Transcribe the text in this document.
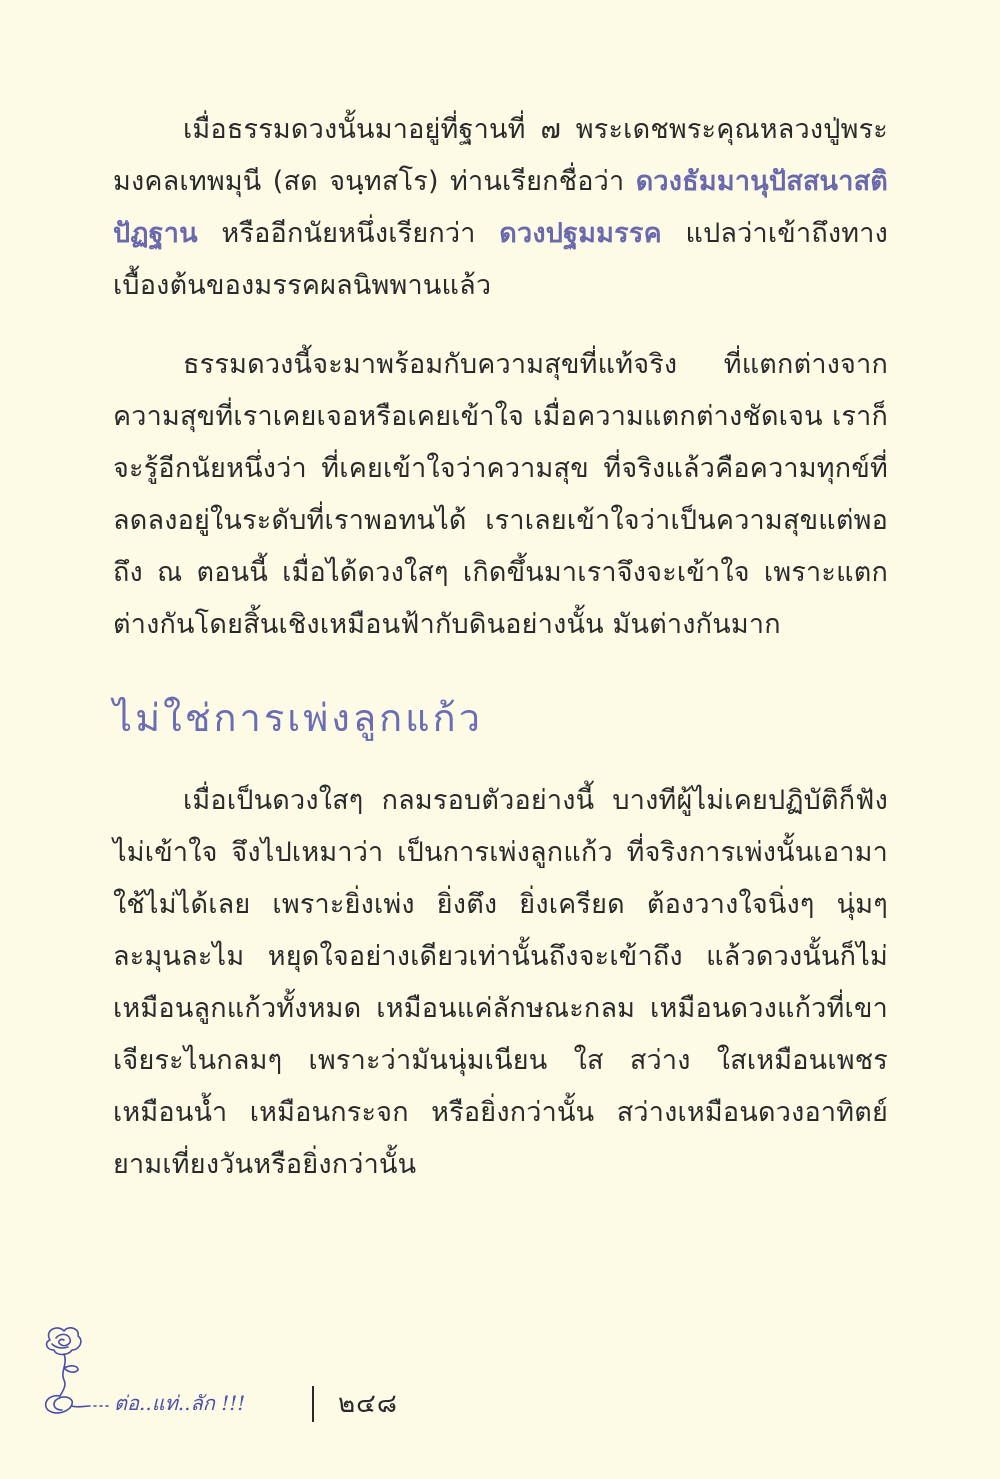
เมื่อธรรมดวงนั้นมาอยู่ที่ฐานที่ ๗ พระเดชพระคุณหลวงปู่พระมงคลเทพมุนี (สด จนฺทสโร) ท่านเรียกชื่อว่า ดวงธัมมานุปัสสนาสติปัฏฐาน หรืออีกนัยหนึ่งเรียกว่า ดวงปฐมมรรค แปลว่าเข้าถึงทางเบื้องต้นของมรรคผลนิพพานแล้ว

ธรรมดวงนี้จะมาพร้อมกับความสุขที่แท้จริง ที่แตกต่างจากความสุขที่เราเคยเจอหรือเคยเข้าใจ เมื่อความแตกต่างชัดเจน เราก็จะรู้อีกนัยหนึ่งว่า ที่เคยเข้าใจว่าความสุข ที่จริงแล้วคือความทุกข์ที่ลดลงอยู่ในระดับที่เราพอทนได้ เราเลยเข้าใจว่าเป็นความสุขแต่พอถึง ณ ตอนนี้ เมื่อได้ดวงใสๆ เกิดขึ้นมาเราจึงจะเข้าใจ เพราะแตกต่างกันโดยสิ้นเชิงเหมือนฟ้ากับดินอย่างนั้น มันต่างกันมาก

ไม่ใช่การเพ่งลูกแก้ว

เมื่อเป็นดวงใสๆ กลมรอบตัวอย่างนี้ บางทีผู้ไม่เคยปฏิบัติก็ฟังไม่เข้าใจ จึงไปเหมาว่า เป็นการเพ่งลูกแก้ว ที่จริงการเพ่งนั้นเอามาใช้ไม่ได้เลย เพราะยิ่งเพ่ง ยิ่งตึง ยิ่งเครียด ต้องวางใจนิ่งๆ นุ่มๆ ละมุนละไม หยุดใจอย่างเดียวเท่านั้นถึงจะเข้าถึง แล้วดวงนั้นก็ไม่เหมือนลูกแก้วทั้งหมด เหมือนแค่ลักษณะกลม เหมือนดวงแก้วที่เขาเจียระไนกลมๆ เพราะว่ามันนุ่มเนียน ใส สว่าง ใสเหมือนเพชร เหมือนน้ำ เหมือนกระจก หรือยิ่งกว่านั้น สว่างเหมือนดวงอาทิตย์ยามเที่ยงวันหรือยิ่งกว่านั้น

ต่อ..แท่..ลัก !!!	๒๔๘
